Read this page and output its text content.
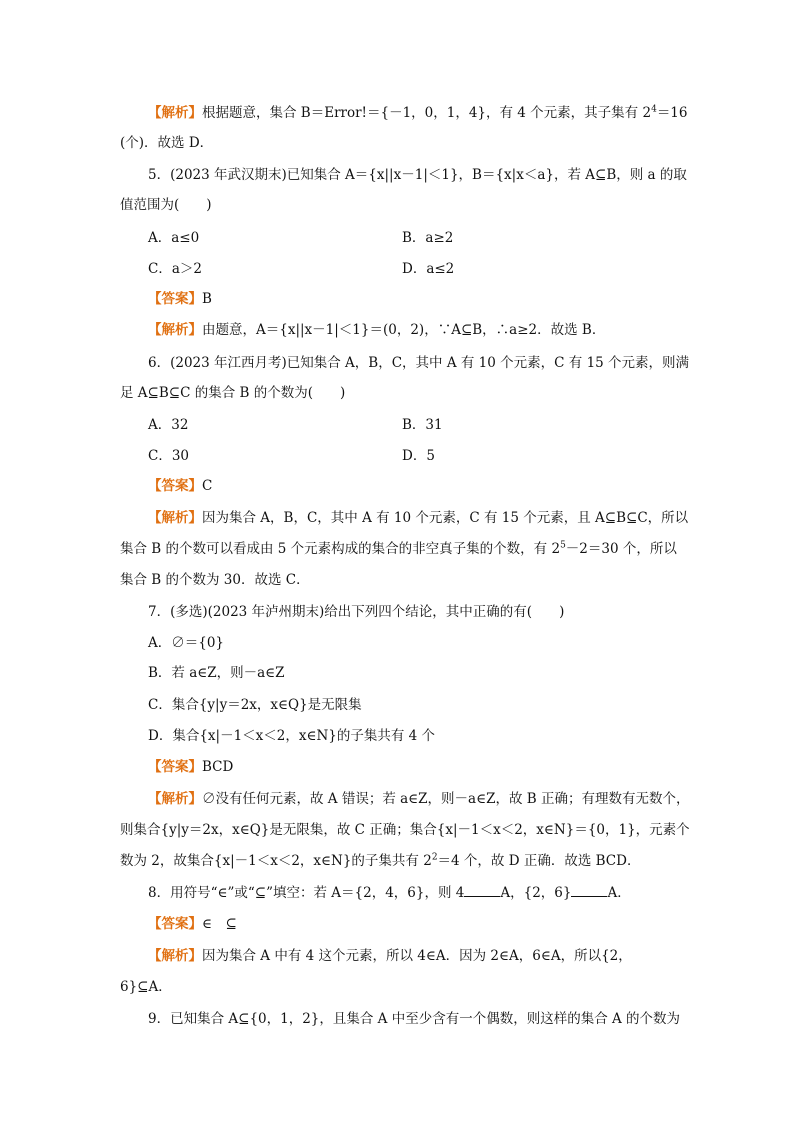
【解析】根据题意，集合 B＝Error!＝{－1，0，1，4}，有 4 个元素，其子集有 $2^4=16$
(个)．故选 D．
5．(2023 年武汉期末)已知集合 A＝{x||x－1|＜1}，B＝{x|x＜a}，若 A⊆B，则 a 的取
值范围为(　　)
A．a≤0	B．a≥2
C．a＞2	D．a≤2
【答案】B
【解析】由题意，A＝{x||x－1|＜1}＝(0，2)，∵A⊆B，∴a≥2．故选 B．
6．(2023 年江西月考)已知集合 A，B，C，其中 A 有 10 个元素，C 有 15 个元素，则满
足 A⊆B⊆C 的集合 B 的个数为(　　)
A．32	B．31
C．30	D．5
【答案】C
【解析】因为集合 A，B，C，其中 A 有 10 个元素，C 有 15 个元素，且 A⊆B⊆C，所以
集合 B 的个数可以看成由 5 个元素构成的集合的非空真子集的个数，有 $2^5-2=30$ 个，所以
集合 B 的个数为 30．故选 C．
7．(多选)(2023 年泸州期末)给出下列四个结论，其中正确的有(　　)
A．∅＝{0}
B．若 a∈Z，则－a∈Z
C．集合{y|y＝2x，x∈Q}是无限集
D．集合{x|－1＜x＜2，x∈N}的子集共有 4 个
【答案】BCD
【解析】∅没有任何元素，故 A 错误；若 a∈Z，则－a∈Z，故 B 正确；有理数有无数个，
则集合{y|y＝2x，x∈Q}是无限集，故 C 正确；集合{x|－1＜x＜2，x∈N}＝{0，1}，元素个
数为 2，故集合{x|－1＜x＜2，x∈N}的子集共有 $2^2=4$ 个，故 D 正确．故选 BCD．
8．用符号“∈”或“⊆”填空：若 A＝{2，4，6}，则 4	A，{2，6}	A．
【答案】∈　⊆
【解析】因为集合 A 中有 4 这个元素，所以 4∈A．因为 2∈A，6∈A，所以{2，
6}⊆A．
9．已知集合 A⊆{0，1，2}，且集合 A 中至少含有一个偶数，则这样的集合 A 的个数为
